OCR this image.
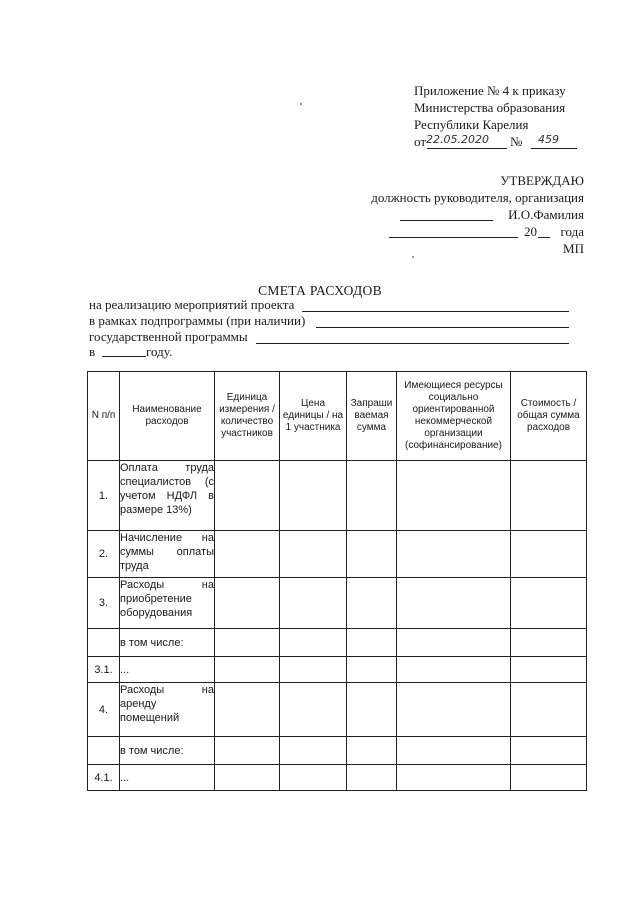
Приложение № 4 к приказу
Министерства образования
Республики Карелия
от 22.05.2020 № 459
УТВЕРЖДАЮ
должность руководителя, организация
И.О.Фамилия
20 года
МП
СМЕТА РАСХОДОВ
на реализацию мероприятий проекта
в рамках подпрограммы (при наличии)
государственной программы
в	году.
N п/п	Наименование расходов	Единица измерения / количество участников	Цена единицы / на 1 участника	Запраши ваемая сумма	Имеющиеся ресурсы социально ориентированной некоммерческой организации (софинансирование)	Стоимость / общая сумма расходов
1.	Оплата труда специалистов (с учетом НДФЛ в размере 13%)					
2.	Начисление на суммы оплаты труда					
3.	Расходы на приобретение оборудования					
	в том числе:					
3.1.	...					
4.	Расходы на аренду помещений					
	в том числе:					
4.1.	...					
